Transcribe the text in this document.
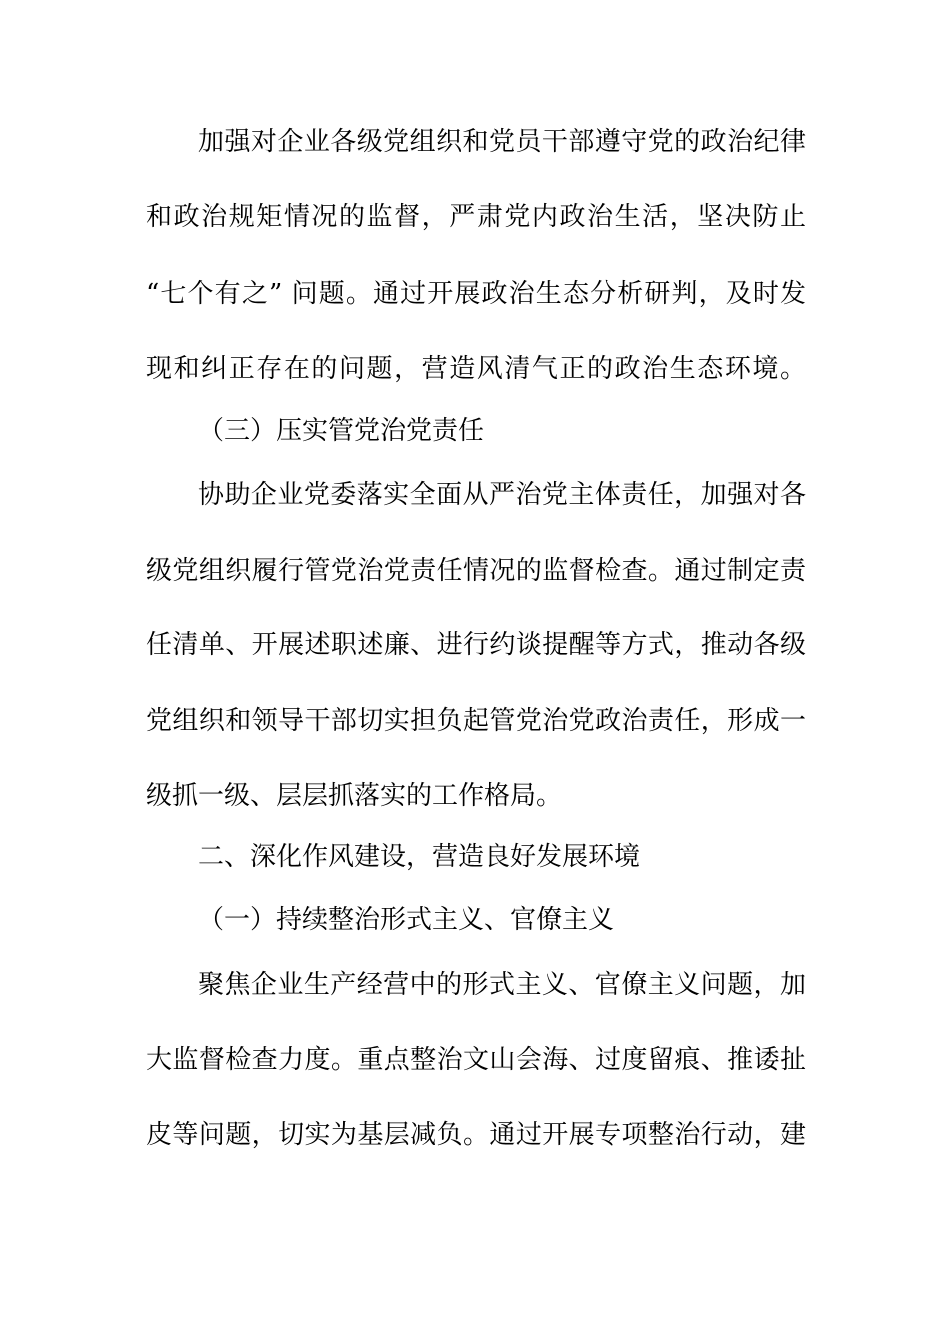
加强对企业各级党组织和党员干部遵守党的政治纪律
和政治规矩情况的监督，严肃党内政治生活，坚决防止
“七个有之” 问题。通过开展政治生态分析研判，及时发
现和纠正存在的问题，营造风清气正的政治生态环境。
（三）压实管党治党责任
协助企业党委落实全面从严治党主体责任，加强对各
级党组织履行管党治党责任情况的监督检查。通过制定责
任清单、开展述职述廉、进行约谈提醒等方式，推动各级
党组织和领导干部切实担负起管党治党政治责任，形成一
级抓一级、层层抓落实的工作格局。
二、深化作风建设，营造良好发展环境
（一）持续整治形式主义、官僚主义
聚焦企业生产经营中的形式主义、官僚主义问题，加
大监督检查力度。重点整治文山会海、过度留痕、推诿扯
皮等问题，切实为基层减负。通过开展专项整治行动，建
